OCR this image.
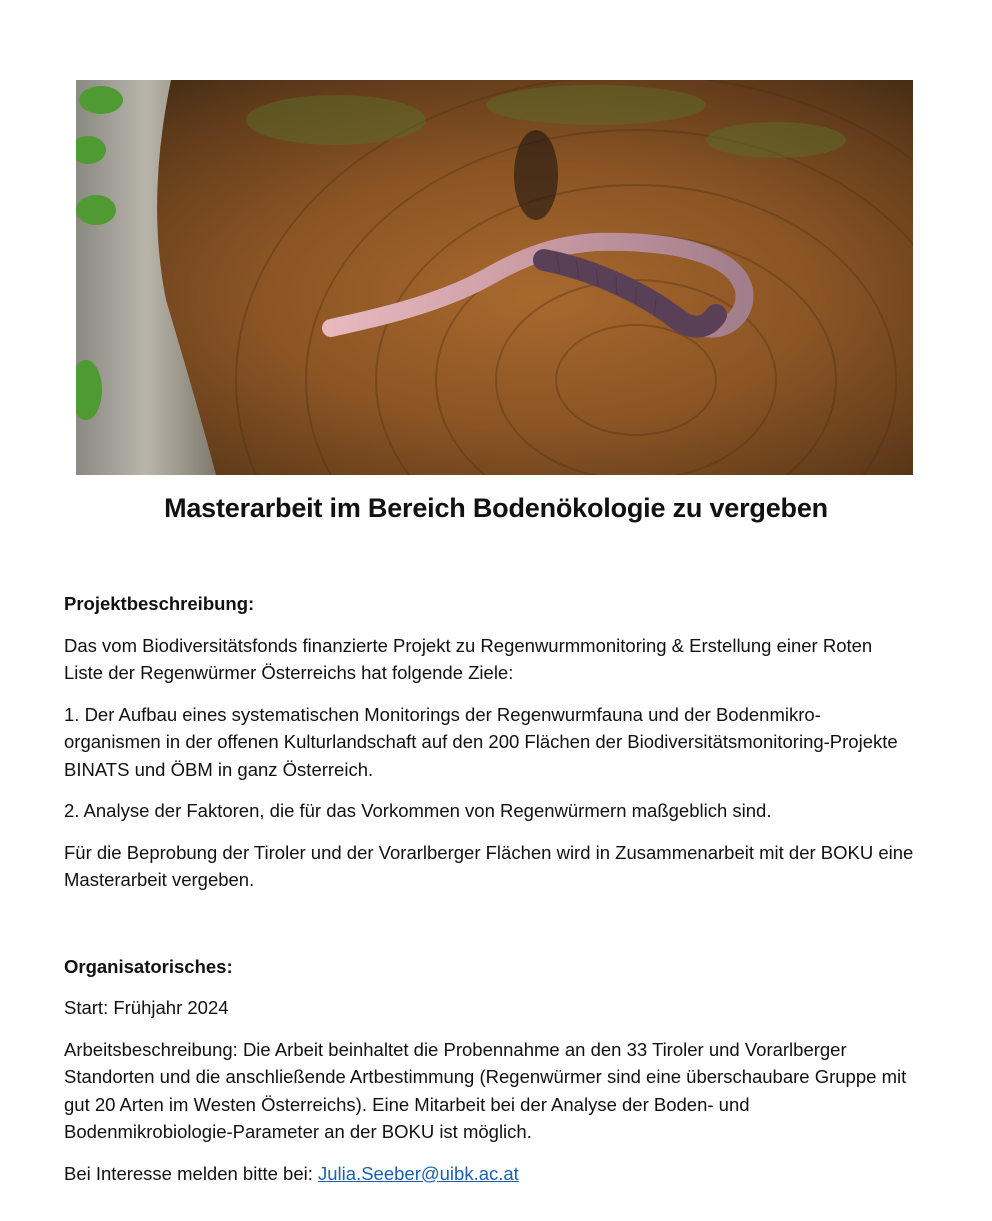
Masterarbeit im Bereich Bodenökologie zu vergeben
Projektbeschreibung:

Das vom Biodiversitätsfonds finanzierte Projekt zu Regenwurmmonitoring & Erstellung einer Roten Liste der Regenwürmer Österreichs hat folgende Ziele:

1. Der Aufbau eines systematischen Monitorings der Regenwurmfauna und der Bodenmikro-organismen in der offenen Kulturlandschaft auf den 200 Flächen der Biodiversitätsmonitoring-Projekte BINATS und ÖBM in ganz Österreich.

2. Analyse der Faktoren, die für das Vorkommen von Regenwürmern maßgeblich sind.

Für die Beprobung der Tiroler und der Vorarlberger Flächen wird in Zusammenarbeit mit der BOKU eine Masterarbeit vergeben.

Organisatorisches:

Start: Frühjahr 2024

Arbeitsbeschreibung: Die Arbeit beinhaltet die Probennahme an den 33 Tiroler und Vorarlberger Standorten und die anschließende Artbestimmung (Regenwürmer sind eine überschaubare Gruppe mit gut 20 Arten im Westen Österreichs). Eine Mitarbeit bei der Analyse der Boden- und Bodenmikrobiologie-Parameter an der BOKU ist möglich.

Bei Interesse melden bitte bei: Julia.Seeber@uibk.ac.at
